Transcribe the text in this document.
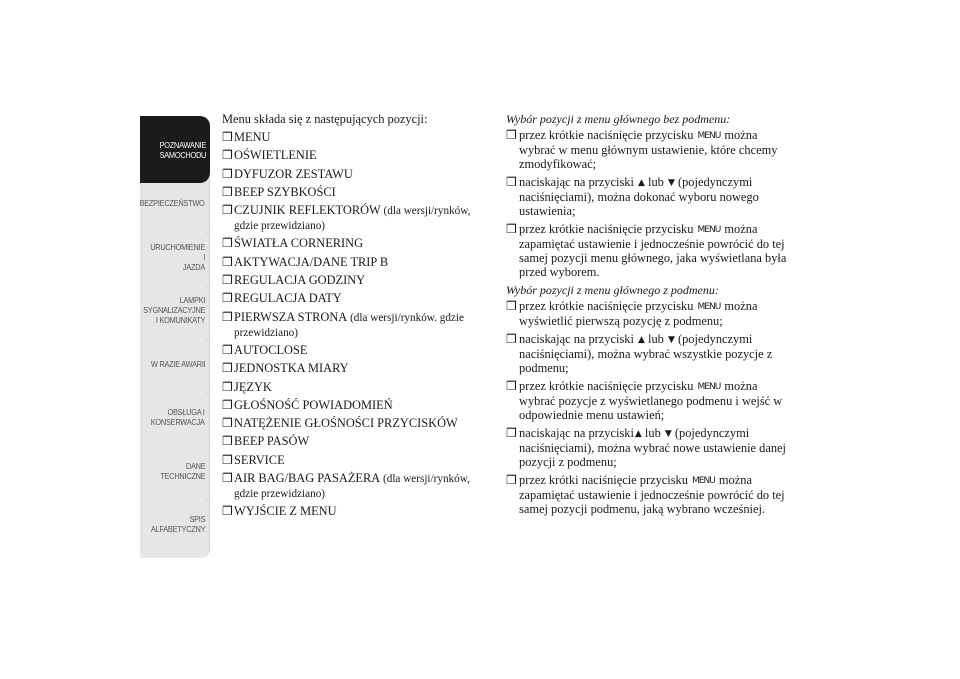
POZNAWANIE
SAMOCHODU
BEZPIECZEŃSTWO
URUCHOMIENIE I
JAZDA
LAMPKI
SYGNALIZACYJNE
I KOMUNIKATY
W RAZIE AWARII
OBSŁUGA I
KONSERWACJA
DANE
TECHNICZNE
SPIS
ALFABETYCZNY

Menu składa się z następujących pozycji:

❒ MENU
❒ OŚWIETLENIE
❒ DYFUZOR ZESTAWU
❒ BEEP SZYBKOŚCI
❒ CZUJNIK REFLEKTORÓW (dla wersji/rynków, gdzie przewidziano)
❒ ŚWIATŁA CORNERING
❒ AKTYWACJA/DANE TRIP B
❒ REGULACJA GODZINY
❒ REGULACJA DATY
❒ PIERWSZA STRONA (dla wersji/rynków. gdzie przewidziano)
❒ AUTOCLOSE
❒ JEDNOSTKA MIARY
❒ JĘZYK
❒ GŁOŚNOŚĆ POWIADOMIEŃ
❒ NATĘŻENIE GŁOŚNOŚCI PRZYCISKÓW
❒ BEEP PASÓW
❒ SERVICE
❒ AIR BAG/BAG PASAŻERA (dla wersji/rynków, gdzie przewidziano)
❒ WYJŚCIE Z MENU

Wybór pozycji z menu głównego bez podmenu:

❒ przez krótkie naciśnięcie przycisku MENU można wybrać w menu głównym ustawienie, które chcemy zmodyfikować;
❒ naciskając na przyciski ▲ lub ▼ (pojedynczymi naciśnięciami), można dokonać wyboru nowego ustawienia;
❒ przez krótkie naciśnięcie przycisku MENU można zapamiętać ustawienie i jednocześnie powrócić do tej samej pozycji menu głównego, jaka wyświetlana była przed wyborem.

Wybór pozycji z menu głównego z podmenu:

❒ przez krótkie naciśnięcie przycisku MENU można wyświetlić pierwszą pozycję z podmenu;
❒ naciskając na przyciski ▲ lub ▼ (pojedynczymi naciśnięciami), można wybrać wszystkie pozycje z podmenu;
❒ przez krótkie naciśnięcie przycisku MENU można wybrać pozycje z wyświetlanego podmenu i wejść w odpowiednie menu ustawień;
❒ naciskając na przyciski▲ lub ▼ (pojedynczymi naciśnięciami), można wybrać nowe ustawienie danej pozycji z podmenu;
❒ przez krótki naciśnięcie przycisku MENU można zapamiętać ustawienie i jednocześnie powrócić do tej samej pozycji podmenu, jaką wybrano wcześniej.
